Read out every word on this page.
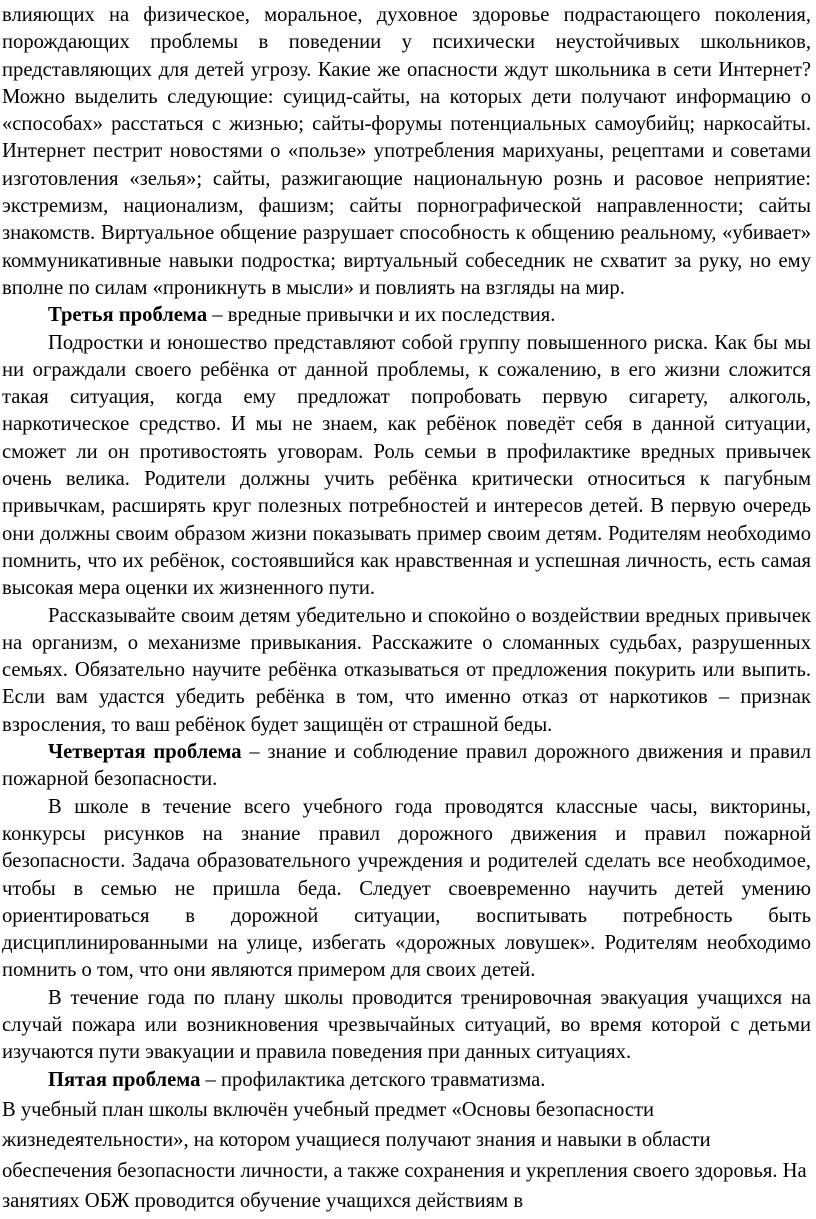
влияющих на физическое, моральное, духовное здоровье подрастающего поколения, порождающих проблемы в поведении у психически неустойчивых школьников, представляющих для детей угрозу. Какие же опасности ждут школьника в сети Интернет? Можно выделить следующие: суицид-сайты, на которых дети получают информацию о «способах» расстаться с жизнью; сайты-форумы потенциальных самоубийц; наркосайты. Интернет пестрит новостями о «пользе» употребления марихуаны, рецептами и советами изготовления «зелья»; сайты, разжигающие национальную рознь и расовое неприятие: экстремизм, национализм, фашизм; сайты порнографической направленности; сайты знакомств. Виртуальное общение разрушает способность к общению реальному, «убивает» коммуникативные навыки подростка; виртуальный собеседник не схватит за руку, но ему вполне по силам «проникнуть в мысли» и повлиять на взгляды на мир.

Третья проблема – вредные привычки и их последствия.

Подростки и юношество представляют собой группу повышенного риска. Как бы мы ни ограждали своего ребёнка от данной проблемы, к сожалению, в его жизни сложится такая ситуация, когда ему предложат попробовать первую сигарету, алкоголь, наркотическое средство. И мы не знаем, как ребёнок поведёт себя в данной ситуации, сможет ли он противостоять уговорам. Роль семьи в профилактике вредных привычек очень велика. Родители должны учить ребёнка критически относиться к пагубным привычкам, расширять круг полезных потребностей и интересов детей. В первую очередь они должны своим образом жизни показывать пример своим детям. Родителям необходимо помнить, что их ребёнок, состоявшийся как нравственная и успешная личность, есть самая высокая мера оценки их жизненного пути.

Рассказывайте своим детям убедительно и спокойно о воздействии вредных привычек на организм, о механизме привыкания. Расскажите о сломанных судьбах, разрушенных семьях. Обязательно научите ребёнка отказываться от предложения покурить или выпить. Если вам удастся убедить ребёнка в том, что именно отказ от наркотиков – признак взросления, то ваш ребёнок будет защищён от страшной беды.

Четвертая проблема – знание и соблюдение правил дорожного движения и правил пожарной безопасности.

В школе в течение всего учебного года проводятся классные часы, викторины, конкурсы рисунков на знание правил дорожного движения и правил пожарной безопасности. Задача образовательного учреждения и родителей сделать все необходимое, чтобы в семью не пришла беда. Следует своевременно научить детей умению ориентироваться в дорожной ситуации, воспитывать потребность быть дисциплинированными на улице, избегать «дорожных ловушек». Родителям необходимо помнить о том, что они являются примером для своих детей.

В течение года по плану школы проводится тренировочная эвакуация учащихся на случай пожара или возникновения чрезвычайных ситуаций, во время которой с детьми изучаются пути эвакуации и правила поведения при данных ситуациях.

Пятая проблема – профилактика детского травматизма.

В учебный план школы включён учебный предмет «Основы безопасности жизнедеятельности», на котором учащиеся получают знания и навыки в области обеспечения безопасности личности, а также сохранения и укрепления своего здоровья. На занятиях ОБЖ проводится обучение учащихся действиям в
